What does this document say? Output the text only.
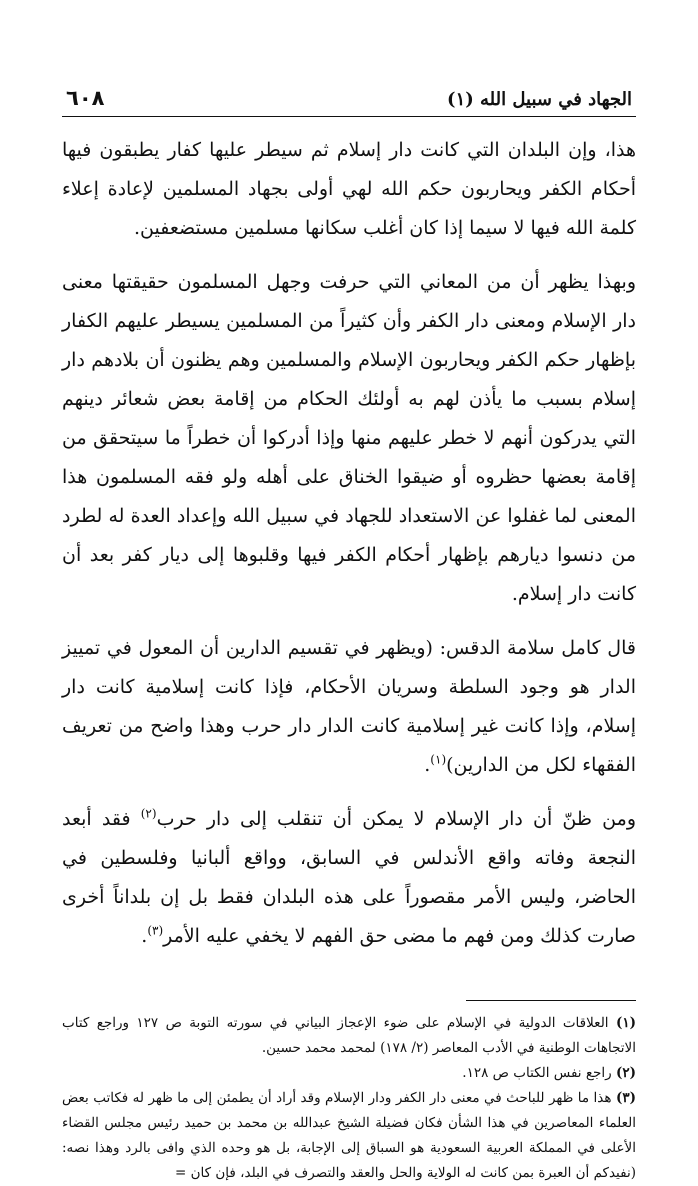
الجهاد في سبيل الله (١)
٦٠٨

هذا، وإن البلدان التي كانت دار إسلام ثم سيطر عليها كفار يطبقون فيها أحكام الكفر ويحاربون حكم الله لهي أولى بجهاد المسلمين لإعادة إعلاء كلمة الله فيها لا سيما إذا كان أغلب سكانها مسلمين مستضعفين.

وبهذا يظهر أن من المعاني التي حرفت وجهل المسلمون حقيقتها معنى دار الإسلام ومعنى دار الكفر وأن كثيراً من المسلمين يسيطر عليهم الكفار بإظهار حكم الكفر ويحاربون الإسلام والمسلمين وهم يظنون أن بلادهم دار إسلام بسبب ما يأذن لهم به أولئك الحكام من إقامة بعض شعائر دينهم التي يدركون أنهم لا خطر عليهم منها وإذا أدركوا أن خطراً ما سيتحقق من إقامة بعضها حظروه أو ضيقوا الخناق على أهله ولو فقه المسلمون هذا المعنى لما غفلوا عن الاستعداد للجهاد في سبيل الله وإعداد العدة له لطرد من دنسوا ديارهم بإظهار أحكام الكفر فيها وقلبوها إلى ديار كفر بعد أن كانت دار إسلام.

قال كامل سلامة الدقس: (ويظهر في تقسيم الدارين أن المعول في تمييز الدار هو وجود السلطة وسريان الأحكام، فإذا كانت إسلامية كانت دار إسلام، وإذا كانت غير إسلامية كانت الدار دار حرب وهذا واضح من تعريف الفقهاء لكل من الدارين)$^{(١)}$.

ومن ظنّ أن دار الإسلام لا يمكن أن تنقلب إلى دار حرب$^{(٢)}$ فقد أبعد النجعة وفاته واقع الأندلس في السابق، وواقع ألبانيا وفلسطين في الحاضر، وليس الأمر مقصوراً على هذه البلدان فقط بل إن بلداناً أخرى صارت كذلك ومن فهم ما مضى حق الفهم لا يخفي عليه الأمر$^{(٣)}$.

(١) العلاقات الدولية في الإسلام على ضوء الإعجاز البياني في سورته التوبة ص ١٢٧ وراجع كتاب الاتجاهات الوطنية في الأدب المعاصر (٢/ ١٧٨) لمحمد محمد حسين.

(٢) راجع نفس الكتاب ص ١٢٨.

(٣) هذا ما ظهر للباحث في معنى دار الكفر ودار الإسلام وقد أراد أن يطمئن إلى ما ظهر له فكاتب بعض العلماء المعاصرين في هذا الشأن فكان فضيلة الشيخ عبدالله بن محمد بن حميد رئيس مجلس القضاء الأعلى في المملكة العربية السعودية هو السباق إلى الإجابة، بل هو وحده الذي وافى بالرد وهذا نصه: (نفيدكم أن العبرة بمن كانت له الولاية والحل والعقد والتصرف في البلد، فإن كان =
